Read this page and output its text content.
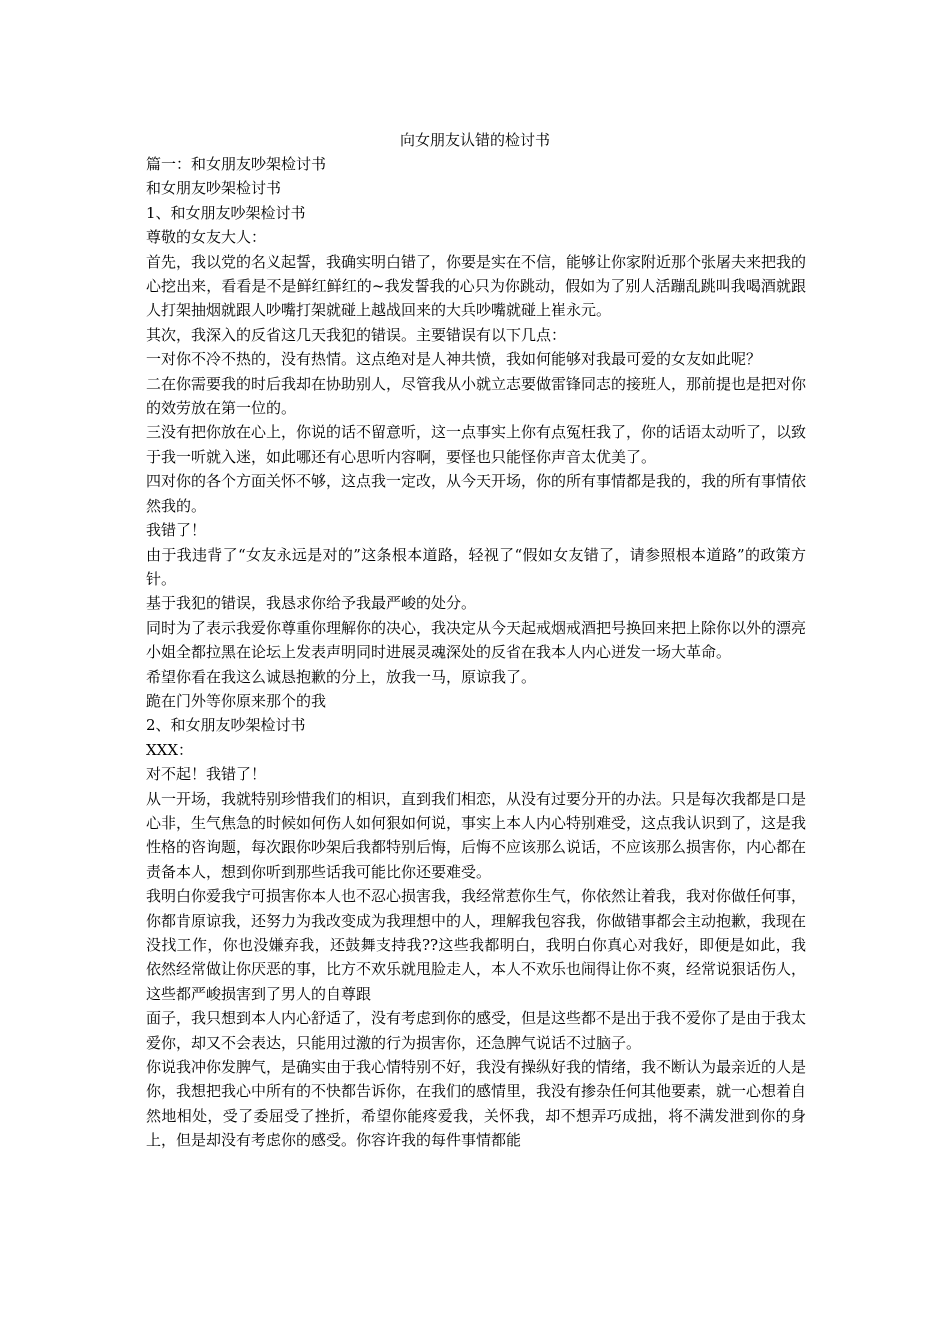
向女朋友认错的检讨书

篇一：和女朋友吵架检讨书

和女朋友吵架检讨书

1、和女朋友吵架检讨书

尊敬的女友大人：

首先，我以党的名义起誓，我确实明白错了，你要是实在不信，能够让你家附近那个张屠夫来把我的心挖出来，看看是不是鲜红鲜红的~我发誓我的心只为你跳动，假如为了别人活蹦乱跳叫我喝酒就跟人打架抽烟就跟人吵嘴打架就碰上越战回来的大兵吵嘴就碰上崔永元。

其次，我深入的反省这几天我犯的错误。主要错误有以下几点：

一对你不冷不热的，没有热情。这点绝对是人神共愤，我如何能够对我最可爱的女友如此呢？

二在你需要我的时后我却在协助别人，尽管我从小就立志要做雷锋同志的接班人，那前提也是把对你的效劳放在第一位的。

三没有把你放在心上，你说的话不留意听，这一点事实上你有点冤枉我了，你的话语太动听了，以致于我一听就入迷，如此哪还有心思听内容啊，要怪也只能怪你声音太优美了。

四对你的各个方面关怀不够，这点我一定改，从今天开场，你的所有事情都是我的，我的所有事情依然我的。

我错了！

由于我违背了“女友永远是对的”这条根本道路，轻视了“假如女友错了，请参照根本道路”的政策方针。

基于我犯的错误，我恳求你给予我最严峻的处分。

同时为了表示我爱你尊重你理解你的决心，我决定从今天起戒烟戒酒把号换回来把上除你以外的漂亮小姐全都拉黑在论坛上发表声明同时进展灵魂深处的反省在我本人内心迸发一场大革命。

希望你看在我这么诚恳抱歉的分上，放我一马，原谅我了。

跪在门外等你原来那个的我

2、和女朋友吵架检讨书

XXX：

对不起！我错了！

从一开场，我就特别珍惜我们的相识，直到我们相恋，从没有过要分开的办法。只是每次我都是口是心非，生气焦急的时候如何伤人如何狠如何说，事实上本人内心特别难受，这点我认识到了，这是我性格的咨询题，每次跟你吵架后我都特别后悔，后悔不应该那么说话，不应该那么损害你，内心都在责备本人，想到你听到那些话我可能比你还要难受。

我明白你爱我宁可损害你本人也不忍心损害我，我经常惹你生气，你依然让着我，我对你做任何事，你都肯原谅我，还努力为我改变成为我理想中的人，理解我包容我，你做错事都会主动抱歉，我现在没找工作，你也没嫌弃我，还鼓舞支持我??这些我都明白，我明白你真心对我好，即便是如此，我依然经常做让你厌恶的事，比方不欢乐就甩脸走人，本人不欢乐也闹得让你不爽，经常说狠话伤人，这些都严峻损害到了男人的自尊跟

面子，我只想到本人内心舒适了，没有考虑到你的感受，但是这些都不是出于我不爱你了是由于我太爱你，却又不会表达，只能用过激的行为损害你，还急脾气说话不过脑子。

你说我冲你发脾气，是确实由于我心情特别不好，我没有操纵好我的情绪，我不断认为最亲近的人是你，我想把我心中所有的不快都告诉你，在我们的感情里，我没有掺杂任何其他要素，就一心想着自然地相处，受了委屈受了挫折，希望你能疼爱我，关怀我，却不想弄巧成拙，将不满发泄到你的身上，但是却没有考虑你的感受。你容许我的每件事情都能
